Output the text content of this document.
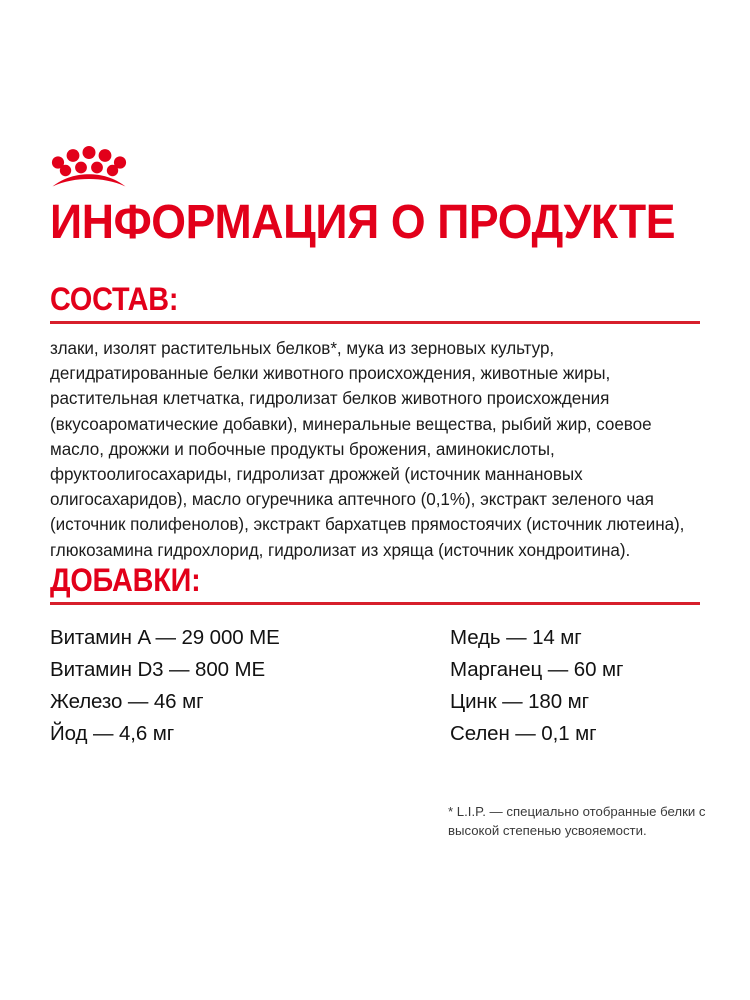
ИНФОРМАЦИЯ О ПРОДУКТЕ
СОСТАВ:

злаки, изолят растительных белков*, мука из зерновых культур, дегидратированные белки животного происхождения, животные жиры, растительная клетчатка, гидролизат белков животного происхождения (вкусоароматические добавки), минеральные вещества, рыбий жир, соевое масло, дрожжи и побочные продукты брожения, аминокислоты, фруктоолигосахариды, гидролизат дрожжей (источник маннановых олигосахаридов), масло огуречника аптечного (0,1%), экстракт зеленого чая (источник полифенолов), экстракт бархатцев прямостоячих (источник лютеина), глюкозамина гидрохлорид, гидролизат из хряща (источник хондроитина).

ДОБАВКИ:
Витамин A — 29 000 МЕ
Витамин D3 — 800 МЕ
Железо — 46 мг
Йод — 4,6 мг
Медь — 14 мг
Марганец — 60 мг
Цинк — 180 мг
Селен — 0,1 мг

* L.I.P. — специально отобранные белки с высокой степенью усвояемости.
